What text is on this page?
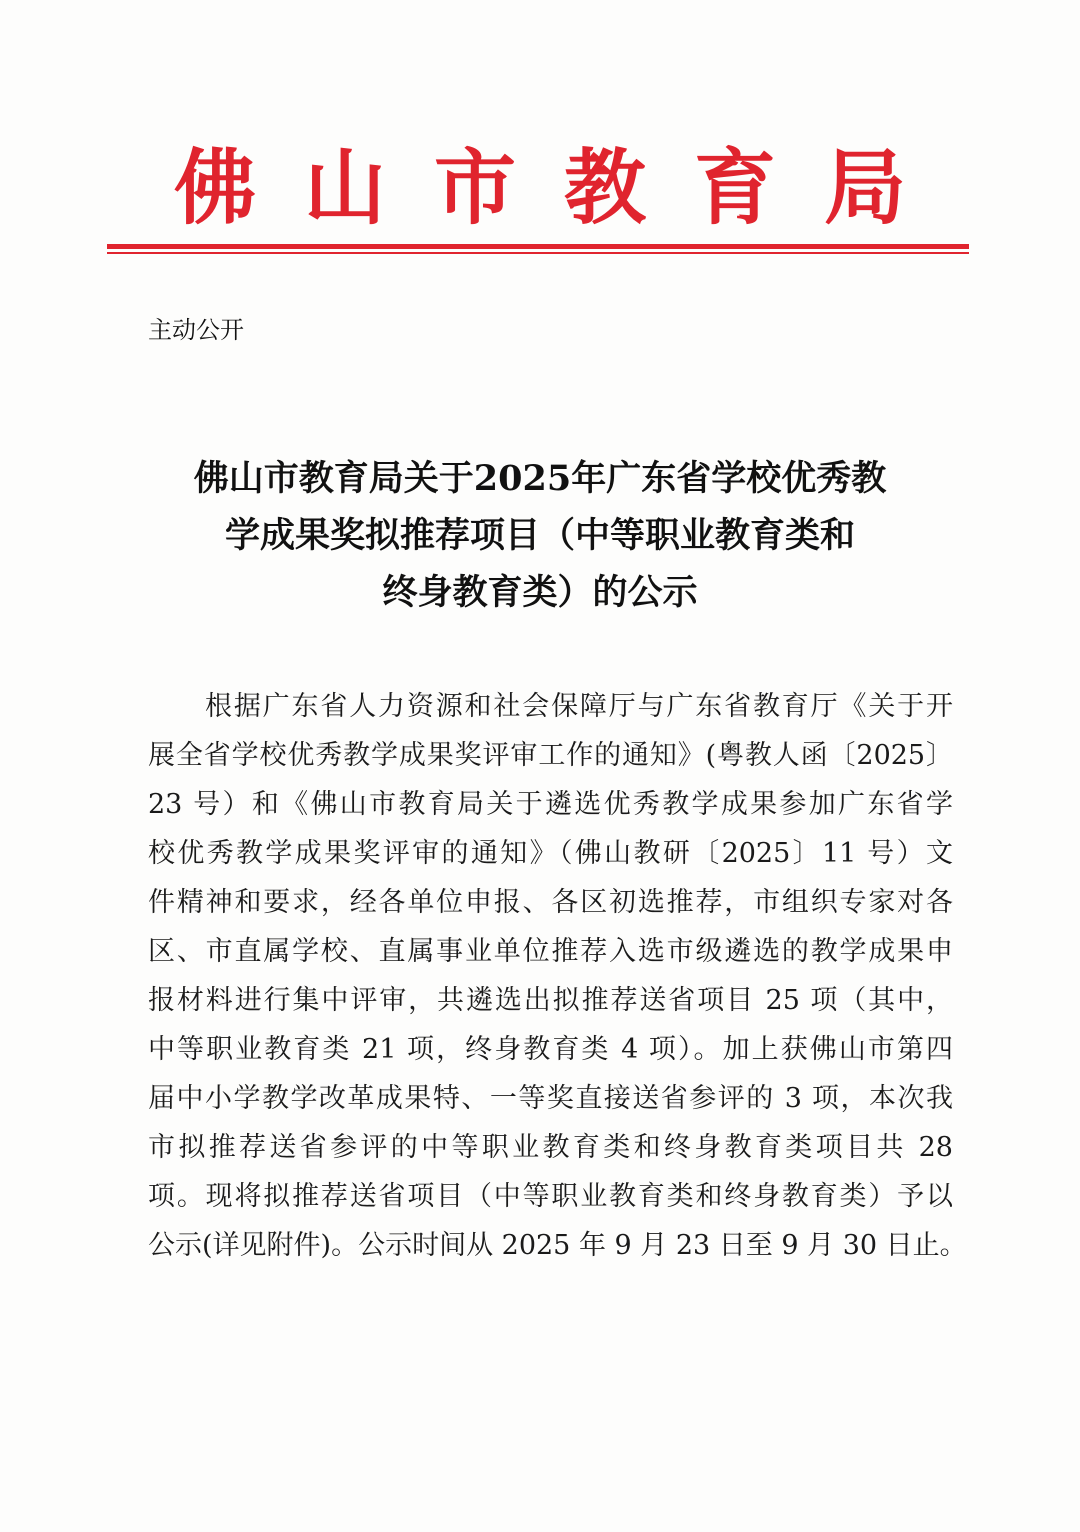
佛山市教育局
主动公开
佛山市教育局关于2025年广东省学校优秀教
学成果奖拟推荐项目（中等职业教育类和
终身教育类）的公示
根据广东省人力资源和社会保障厅与广东省教育厅《关于开
展全省学校优秀教学成果奖评审工作的通知》(粤教人函〔2025〕
23 号）和《佛山市教育局关于遴选优秀教学成果参加广东省学
校优秀教学成果奖评审的通知》（佛山教研〔2025〕11 号）文
件精神和要求，经各单位申报、各区初选推荐，市组织专家对各
区、市直属学校、直属事业单位推荐入选市级遴选的教学成果申
报材料进行集中评审，共遴选出拟推荐送省项目 25 项（其中，
中等职业教育类 21 项，终身教育类 4 项）。加上获佛山市第四
届中小学教学改革成果特、一等奖直接送省参评的 3 项，本次我
市拟推荐送省参评的中等职业教育类和终身教育类项目共 28
项。现将拟推荐送省项目（中等职业教育类和终身教育类）予以
公示(详见附件)。公示时间从 2025 年 9 月 23 日至 9 月 30 日止。
